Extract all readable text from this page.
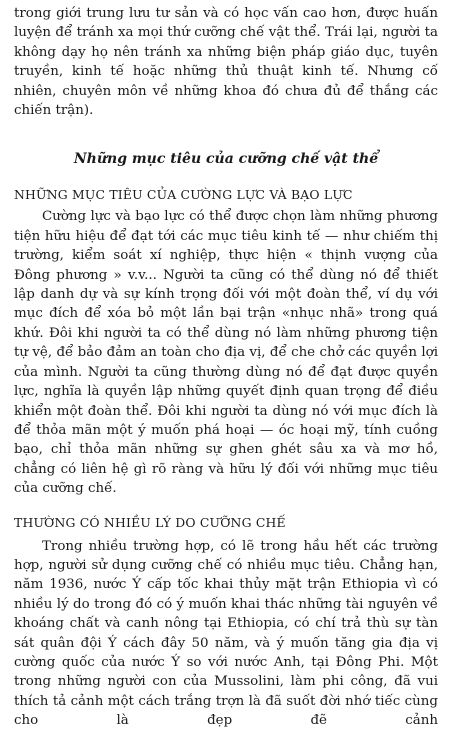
trong giới trung lưu tư sản và có học vấn cao hơn, được huấn luyện để tránh xa mọi thứ cưỡng chế vật thể. Trái lại, người ta không dạy họ nên tránh xa những biện pháp giáo dục, tuyên truyền, kinh tế hoặc những thủ thuật kinh tế. Nhưng cố nhiên, chuyên môn về những khoa đó chưa đủ để thắng các chiến trận).

Những mục tiêu của cưỡng chế vật thể
NHỮNG MỤC TIÊU CỦA CƯỜNG LỰC VÀ BẠO LỰC

Cường lực và bạo lực có thể được chọn làm những phương tiện hữu hiệu để đạt tới các mục tiêu kinh tế — như chiếm thị trường, kiểm soát xí nghiệp, thực hiện « thịnh vượng của Đông phương » v.v... Người ta cũng có thể dùng nó để thiết lập danh dự và sự kính trọng đối với một đoàn thể, ví dụ với mục đích để xóa bỏ một lần bại trận «nhục nhã» trong quá khứ. Đôi khi người ta có thể dùng nó làm những phương tiện tự vệ, để bảo đảm an toàn cho địa vị, để che chở các quyền lợi của mình. Người ta cũng thường dùng nó để đạt được quyền lực, nghĩa là quyền lập những quyết định quan trọng để điều khiển một đoàn thể. Đôi khi người ta dùng nó với mục đích là để thỏa mãn một ý muốn phá hoại — óc hoại mỹ, tính cuồng bạo, chỉ thỏa mãn những sự ghen ghét sâu xa và mơ hồ, chẳng có liên hệ gì rõ ràng và hữu lý đối với những mục tiêu của cưỡng chế.

THƯỜNG CÓ NHIỀU LÝ DO CƯỠNG CHẾ

Trong nhiều trường hợp, có lẽ trong hầu hết các trường hợp, người sử dụng cưỡng chế có nhiều mục tiêu. Chẳng hạn, năm 1936, nước Ý cấp tốc khai thủy mặt trận Ethiopia vì có nhiều lý do trong đó có ý muốn khai thác những tài nguyên về khoáng chất và canh nông tại Ethiopia, có chí trả thù sự tàn sát quân đội Ý cách đây 50 năm, và ý muốn tăng gia địa vị cường quốc của nước Ý so với nước Anh, tại Đông Phi. Một trong những người con của Mussolini, làm phi công, đã vui thích tả cảnh một cách trắng trợn là đã suốt đời nhớ tiếc cùng cho là đẹp đẽ cảnh
